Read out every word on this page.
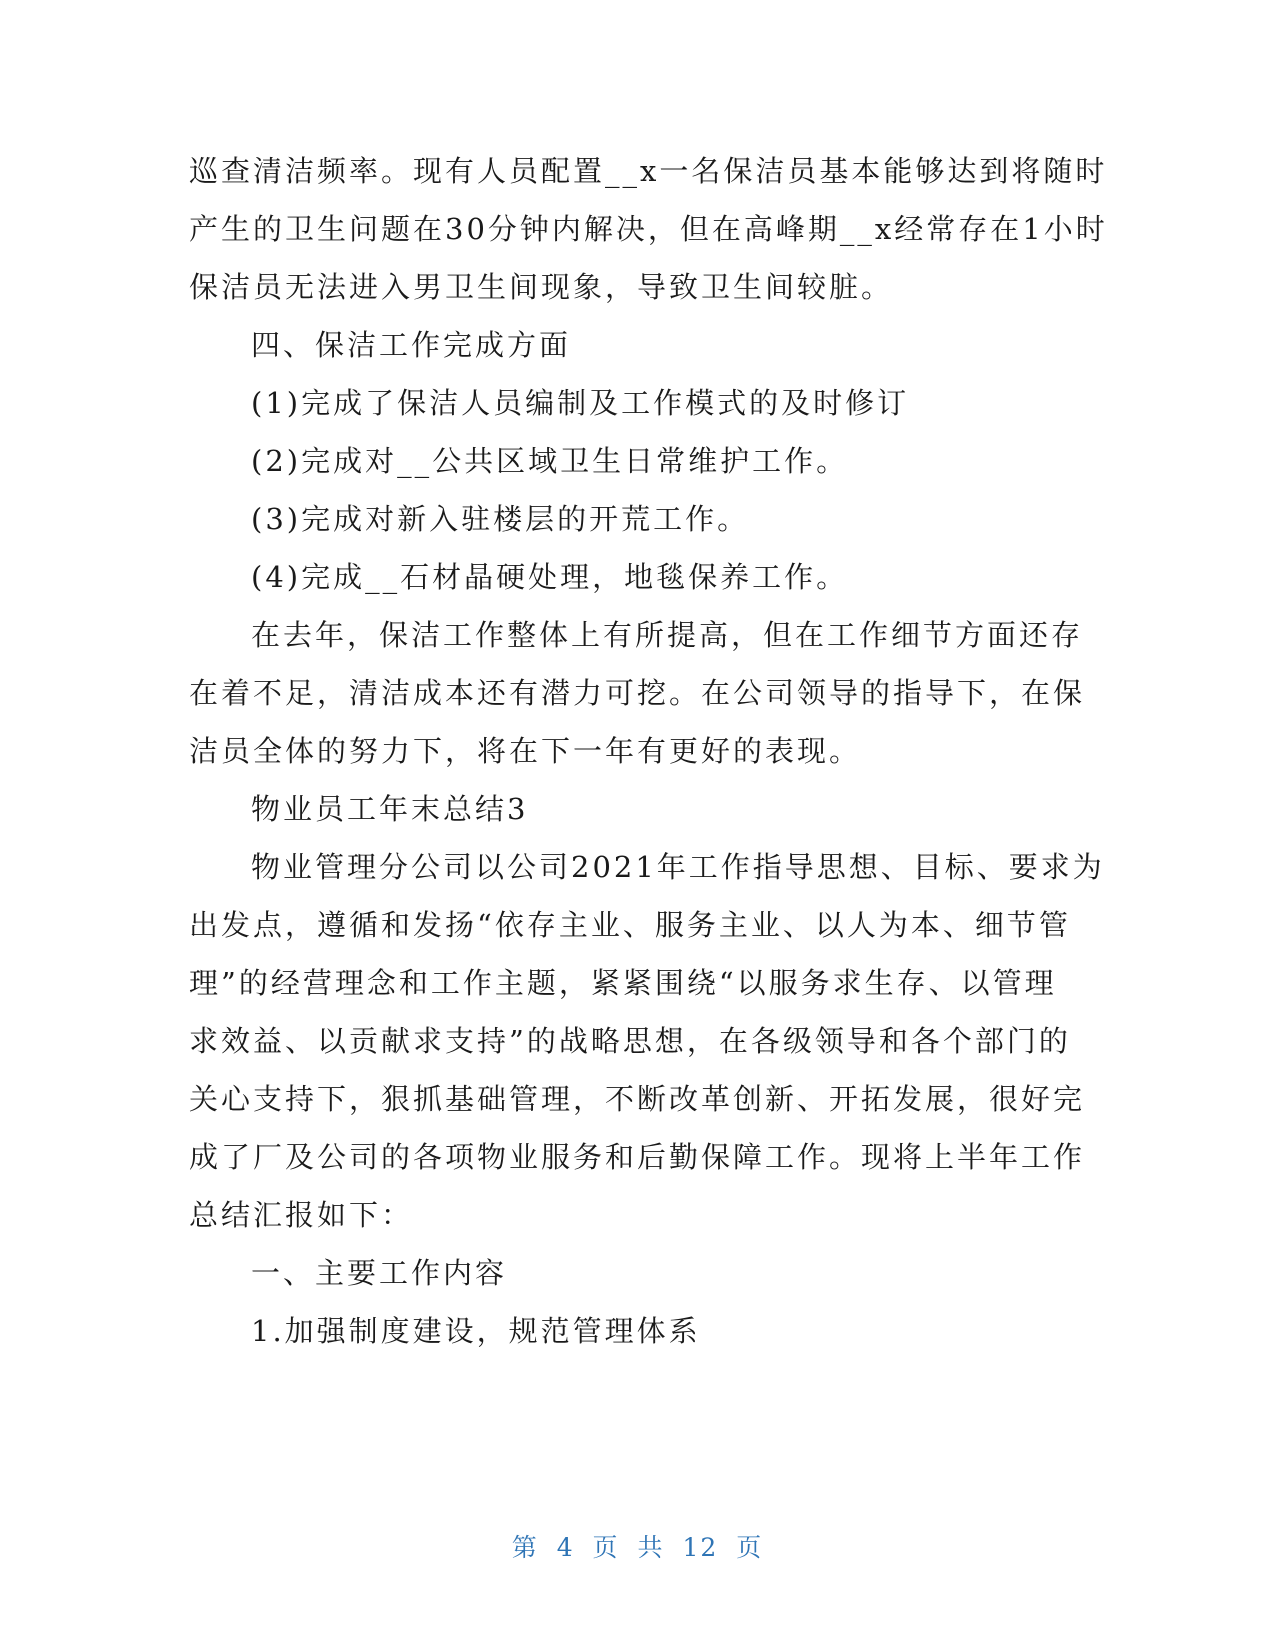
巡查清洁频率。现有人员配置__x一名保洁员基本能够达到将随时
产生的卫生问题在30分钟内解决，但在高峰期__x经常存在1小时
保洁员无法进入男卫生间现象，导致卫生间较脏。
四、保洁工作完成方面
(1)完成了保洁人员编制及工作模式的及时修订
(2)完成对__公共区域卫生日常维护工作。
(3)完成对新入驻楼层的开荒工作。
(4)完成__石材晶硬处理，地毯保养工作。
在去年，保洁工作整体上有所提高，但在工作细节方面还存
在着不足，清洁成本还有潜力可挖。在公司领导的指导下，在保
洁员全体的努力下，将在下一年有更好的表现。
物业员工年末总结3
物业管理分公司以公司2021年工作指导思想、目标、要求为
出发点，遵循和发扬“依存主业、服务主业、以人为本、细节管
理”的经营理念和工作主题，紧紧围绕“以服务求生存、以管理
求效益、以贡献求支持”的战略思想，在各级领导和各个部门的
关心支持下，狠抓基础管理，不断改革创新、开拓发展，很好完
成了厂及公司的各项物业服务和后勤保障工作。现将上半年工作
总结汇报如下：
一、主要工作内容
1.加强制度建设，规范管理体系
第 4 页 共 12 页
